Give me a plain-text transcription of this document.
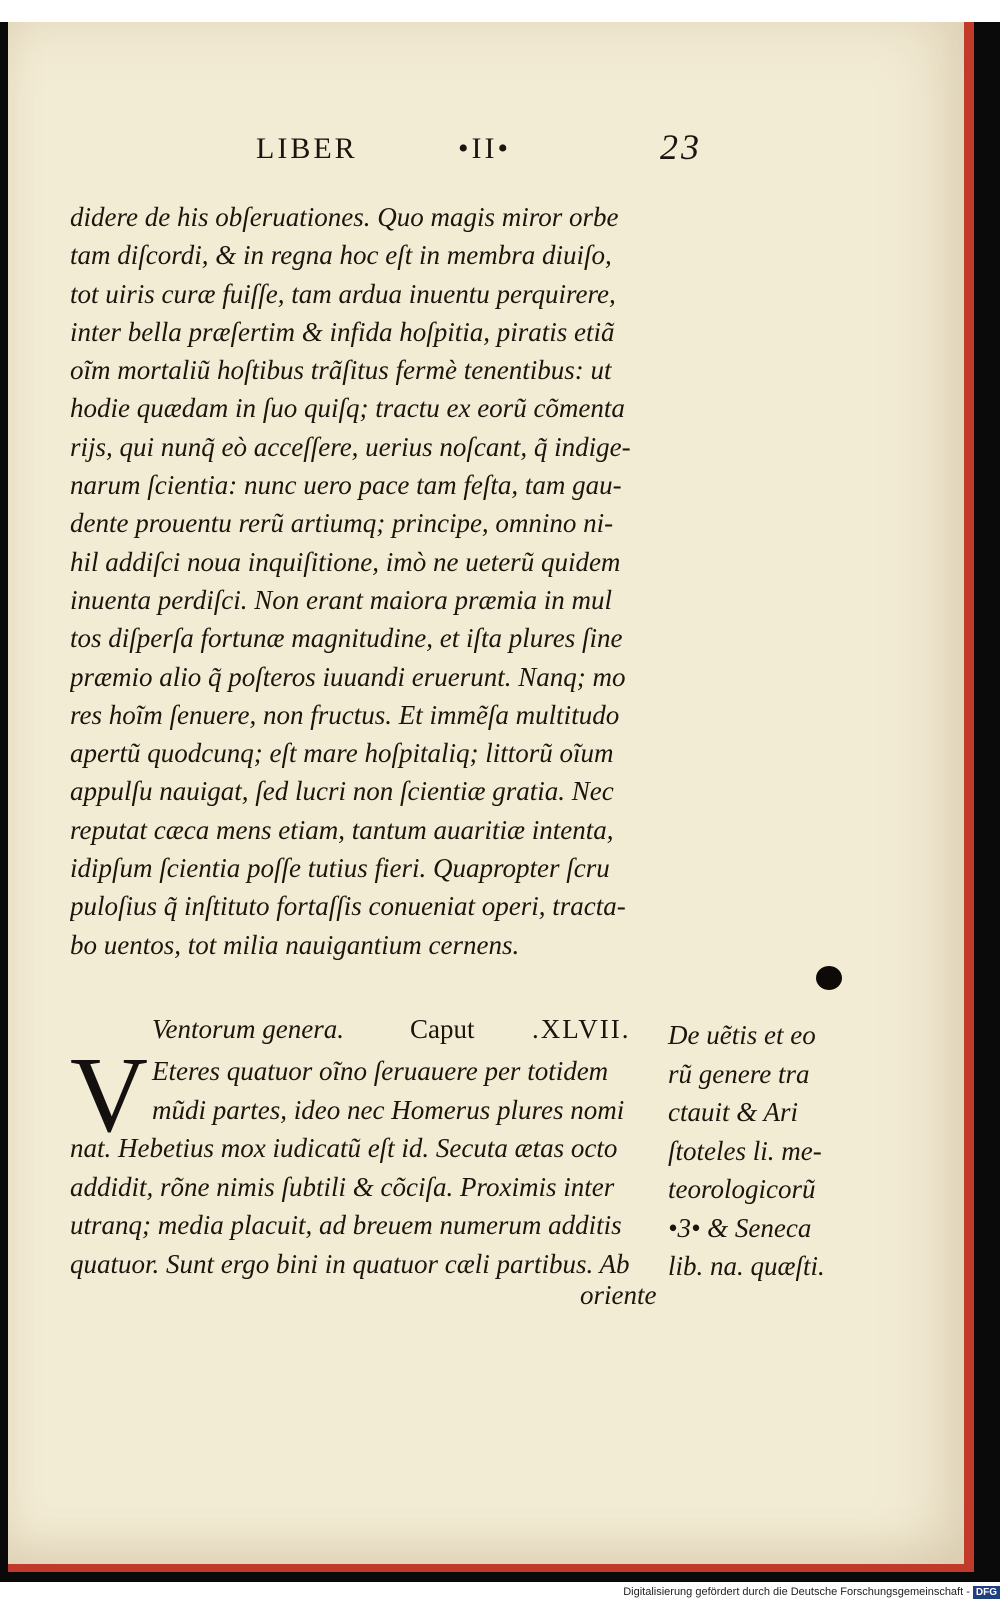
LIBER	•II•	23
didere de his obſeruationes. Quo magis miror orbe
tam diſcordi, & in regna hoc eſt in membra diuiſo,
tot uiris curæ fuiſſe, tam ardua inuentu perquirere,
inter bella præſertim & infida hoſpitia, piratis etiã
oĩm mortaliũ hoſtibus trãſitus fermè tenentibus: ut
hodie quædam in ſuo quiſq; tractu ex eorũ cõmenta
rijs, qui nunq̃ eò acceſſere, uerius noſcant, q̃ indige-
narum ſcientia: nunc uero pace tam feſta, tam gau-
dente prouentu rerũ artiumq; principe, omnino ni-
hil addiſci noua inquiſitione, imò ne ueterũ quidem
inuenta perdiſci. Non erant maiora præmia in mul
tos diſperſa fortunæ magnitudine, et iſta plures ſine
præmio alio q̃ poſteros iuuandi eruerunt. Nanq; mo
res hoĩm ſenuere, non fructus. Et immẽſa multitudo
apertũ quodcunq; eſt mare hoſpitaliq; littorũ oĩum
appulſu nauigat, ſed lucri non ſcientiæ gratia. Nec
reputat cæca mens etiam, tantum auaritiæ intenta,
idipſum ſcientia poſſe tutius fieri. Quapropter ſcru
puloſius q̃ inſtituto fortaſſis conueniat operi, tracta-
bo uentos, tot milia nauigantium cernens.
Ventorum genera. Caput .XLVII.
V Eteres quatuor oĩno ſeruauere per totidem
mũdi partes, ideo nec Homerus plures nomi
nat. Hebetius mox iudicatũ eſt id. Secuta ætas octo
addidit, rõne nimis ſubtili & cõciſa. Proximis inter
utranq; media placuit, ad breuem numerum additis
quatuor. Sunt ergo bini in quatuor cæli partibus. Ab
De uẽtis et eo
rũ genere tra
ctauit & Ari
ſtoteles li. me-
teorologicorũ
•3• & Seneca
lib. na. quæſti.
oriente
Digitalisierung gefördert durch die Deutsche Forschungsgemeinschaft - DFG
